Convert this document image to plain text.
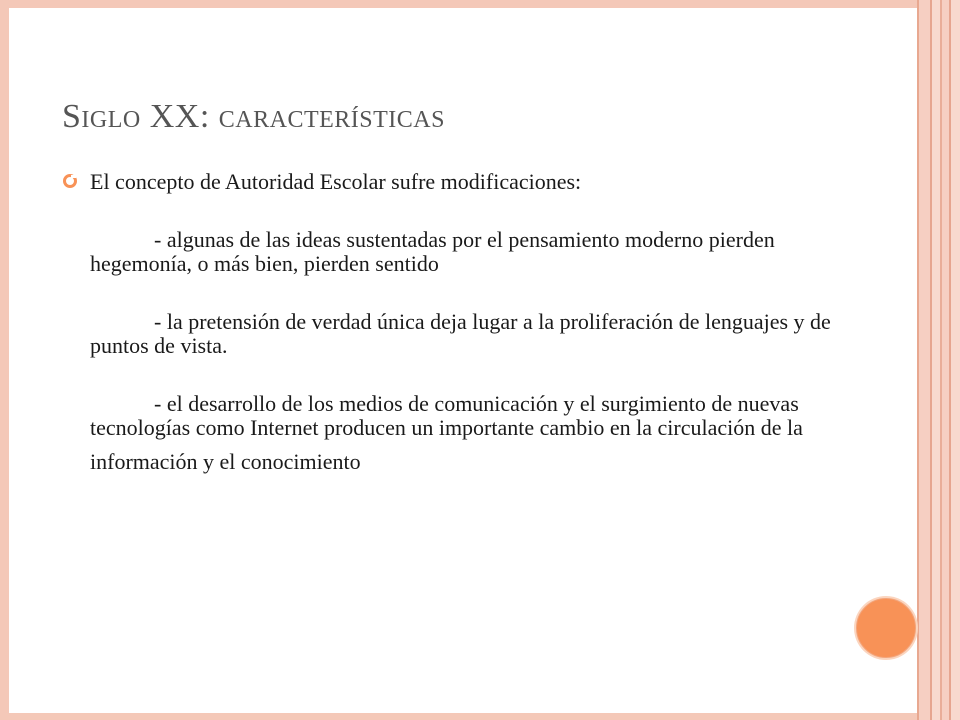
Siglo XX: características
El concepto de Autoridad Escolar sufre modificaciones:
- algunas de las ideas sustentadas por el pensamiento moderno pierden hegemonía, o más bien, pierden sentido
- la pretensión de verdad única deja lugar a la proliferación de lenguajes y de puntos de vista.
- el desarrollo de los medios de comunicación y el surgimiento de nuevas tecnologías como Internet producen un importante cambio en la circulación de la
información y el conocimiento
